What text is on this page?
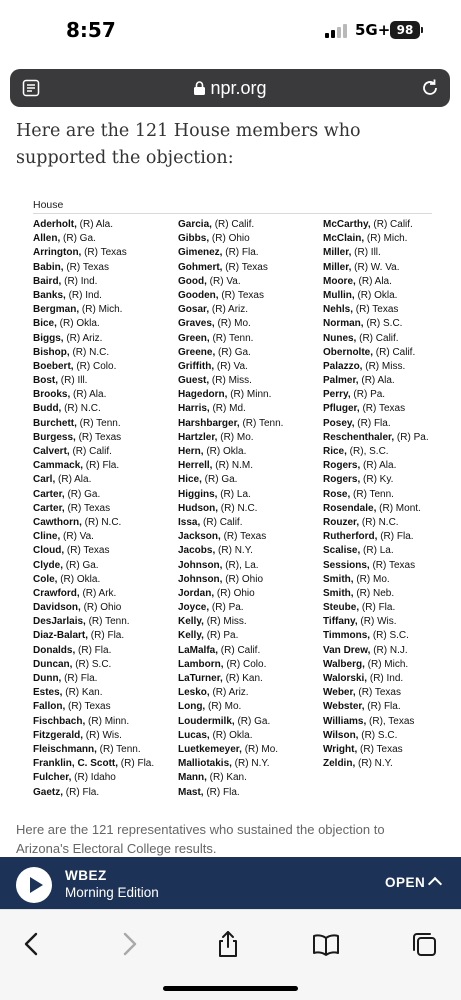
8:57	5G+ 98
npr.org

Here are the 121 House members who supported the objection:

House
Aderholt, (R) Ala.
Allen, (R) Ga.
Arrington, (R) Texas
Babin, (R) Texas
Baird, (R) Ind.
Banks, (R) Ind.
Bergman, (R) Mich.
Bice, (R) Okla.
Biggs, (R) Ariz.
Bishop, (R) N.C.
Boebert, (R) Colo.
Bost, (R) Ill.
Brooks, (R) Ala.
Budd, (R) N.C.
Burchett, (R) Tenn.
Burgess, (R) Texas
Calvert, (R) Calif.
Cammack, (R) Fla.
Carl, (R) Ala.
Carter, (R) Ga.
Carter, (R) Texas
Cawthorn, (R) N.C.
Cline, (R) Va.
Cloud, (R) Texas
Clyde, (R) Ga.
Cole, (R) Okla.
Crawford, (R) Ark.
Davidson, (R) Ohio
DesJarlais, (R) Tenn.
Diaz-Balart, (R) Fla.
Donalds, (R) Fla.
Duncan, (R) S.C.
Dunn, (R) Fla.
Estes, (R) Kan.
Fallon, (R) Texas
Fischbach, (R) Minn.
Fitzgerald, (R) Wis.
Fleischmann, (R) Tenn.
Franklin, C. Scott, (R) Fla.
Fulcher, (R) Idaho
Gaetz, (R) Fla.
Garcia, (R) Calif.
Gibbs, (R) Ohio
Gimenez, (R) Fla.
Gohmert, (R) Texas
Good, (R) Va.
Gooden, (R) Texas
Gosar, (R) Ariz.
Graves, (R) Mo.
Green, (R) Tenn.
Greene, (R) Ga.
Griffith, (R) Va.
Guest, (R) Miss.
Hagedorn, (R) Minn.
Harris, (R) Md.
Harshbarger, (R) Tenn.
Hartzler, (R) Mo.
Hern, (R) Okla.
Herrell, (R) N.M.
Hice, (R) Ga.
Higgins, (R) La.
Hudson, (R) N.C.
Issa, (R) Calif.
Jackson, (R) Texas
Jacobs, (R) N.Y.
Johnson, (R), La.
Johnson, (R) Ohio
Jordan, (R) Ohio
Joyce, (R) Pa.
Kelly, (R) Miss.
Kelly, (R) Pa.
LaMalfa, (R) Calif.
Lamborn, (R) Colo.
LaTurner, (R) Kan.
Lesko, (R) Ariz.
Long, (R) Mo.
Loudermilk, (R) Ga.
Lucas, (R) Okla.
Luetkemeyer, (R) Mo.
Malliotakis, (R) N.Y.
Mann, (R) Kan.
Mast, (R) Fla.
McCarthy, (R) Calif.
McClain, (R) Mich.
Miller, (R) Ill.
Miller, (R) W. Va.
Moore, (R) Ala.
Mullin, (R) Okla.
Nehls, (R) Texas
Norman, (R) S.C.
Nunes, (R) Calif.
Obernolte, (R) Calif.
Palazzo, (R) Miss.
Palmer, (R) Ala.
Perry, (R) Pa.
Pfluger, (R) Texas
Posey, (R) Fla.
Reschenthaler, (R) Pa.
Rice, (R), S.C.
Rogers, (R) Ala.
Rogers, (R) Ky.
Rose, (R) Tenn.
Rosendale, (R) Mont.
Rouzer, (R) N.C.
Rutherford, (R) Fla.
Scalise, (R) La.
Sessions, (R) Texas
Smith, (R) Mo.
Smith, (R) Neb.
Steube, (R) Fla.
Tiffany, (R) Wis.
Timmons, (R) S.C.
Van Drew, (R) N.J.
Walberg, (R) Mich.
Walorski, (R) Ind.
Weber, (R) Texas
Webster, (R) Fla.
Williams, (R), Texas
Wilson, (R) S.C.
Wright, (R) Texas
Zeldin, (R) N.Y.

Here are the 121 representatives who sustained the objection to Arizona's Electoral College results.

WBEZ
Morning Edition
OPEN
